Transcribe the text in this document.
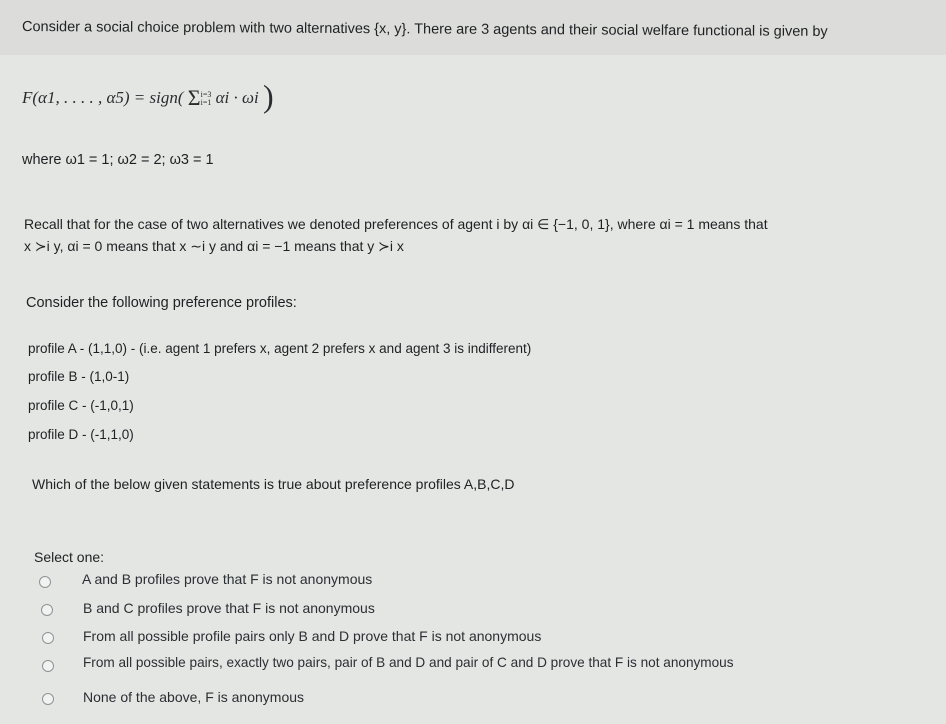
Consider a social choice problem with two alternatives {x, y}. There are 3 agents and their social welfare functional is given by
F(α1, . . . . , α5) = sign( Σ i=3
i=1 αi · ωi )
where ω1 = 1; ω2 = 2; ω3 = 1
Recall that for the case of two alternatives we denoted preferences of agent i by αi ∈ {−1, 0, 1}, where αi = 1 means that
x ≻i y, αi = 0 means that x ∼i y and αi = −1 means that y ≻i x
Consider the following preference profiles:
profile A - (1,1,0) - (i.e. agent 1 prefers x, agent 2 prefers x and agent 3 is indifferent)
profile B - (1,0-1)
profile C - (-1,0,1)
profile D - (-1,1,0)
Which of the below given statements is true about preference profiles A,B,C,D
Select one:
A and B profiles prove that F is not anonymous
B and C profiles prove that F is not anonymous
From all possible profile pairs only B and D prove that F is not anonymous
From all possible pairs, exactly two pairs, pair of B and D and pair of C and D prove that F is not anonymous
None of the above, F is anonymous
